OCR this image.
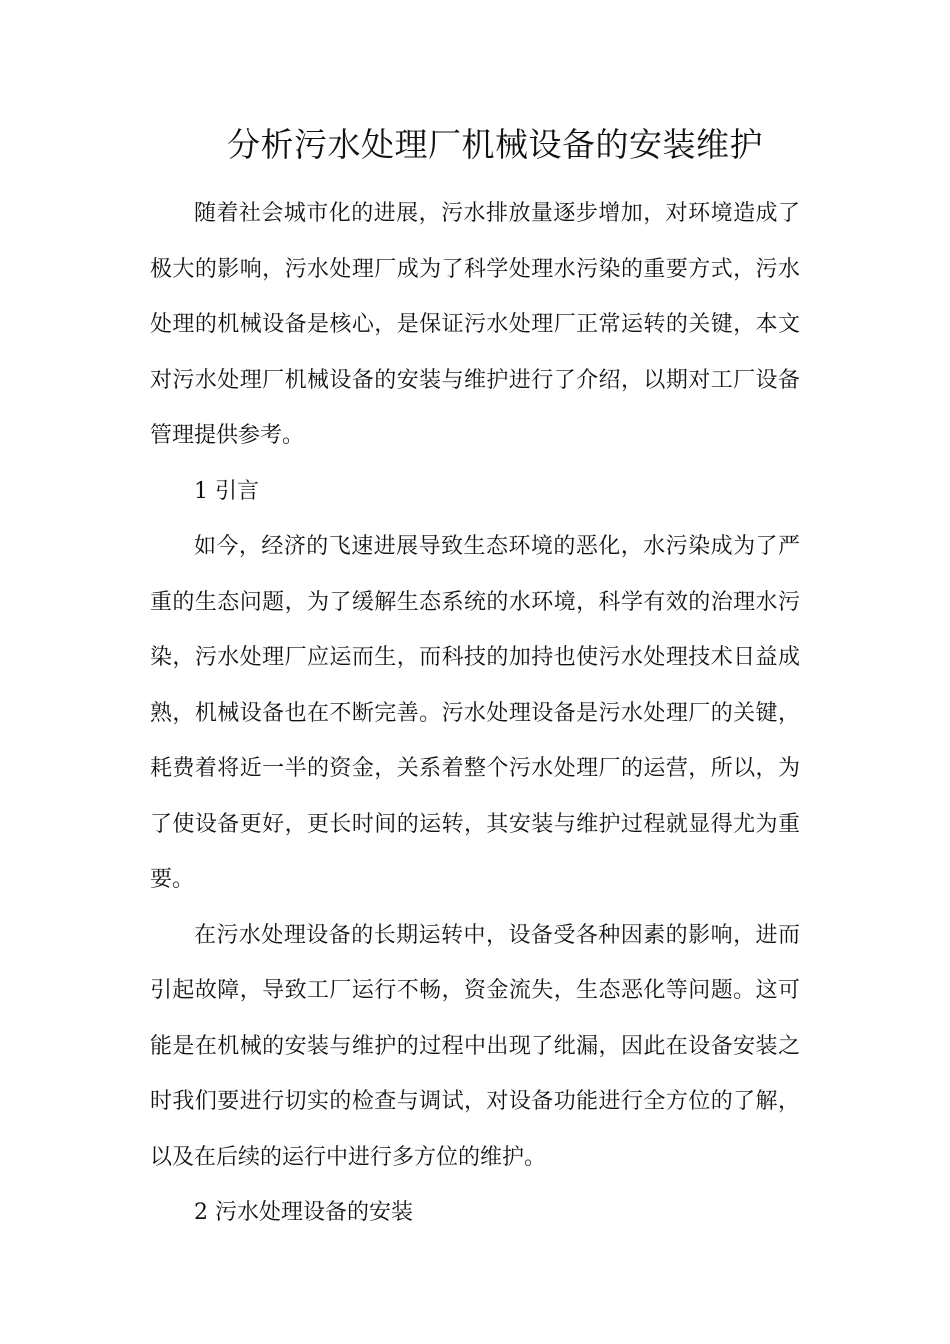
分析污水处理厂机械设备的安装维护

随着社会城市化的进展，污水排放量逐步增加，对环境造成了极大的影响，污水处理厂成为了科学处理水污染的重要方式，污水处理的机械设备是核心，是保证污水处理厂正常运转的关键，本文对污水处理厂机械设备的安装与维护进行了介绍，以期对工厂设备管理提供参考。

1 引言

如今，经济的飞速进展导致生态环境的恶化，水污染成为了严重的生态问题，为了缓解生态系统的水环境，科学有效的治理水污染，污水处理厂应运而生，而科技的加持也使污水处理技术日益成熟，机械设备也在不断完善。污水处理设备是污水处理厂的关键，耗费着将近一半的资金，关系着整个污水处理厂的运营，所以，为了使设备更好，更长时间的运转，其安装与维护过程就显得尤为重要。

在污水处理设备的长期运转中，设备受各种因素的影响，进而引起故障，导致工厂运行不畅，资金流失，生态恶化等问题。这可能是在机械的安装与维护的过程中出现了纰漏，因此在设备安装之时我们要进行切实的检查与调试，对设备功能进行全方位的了解，以及在后续的运行中进行多方位的维护。

2 污水处理设备的安装
